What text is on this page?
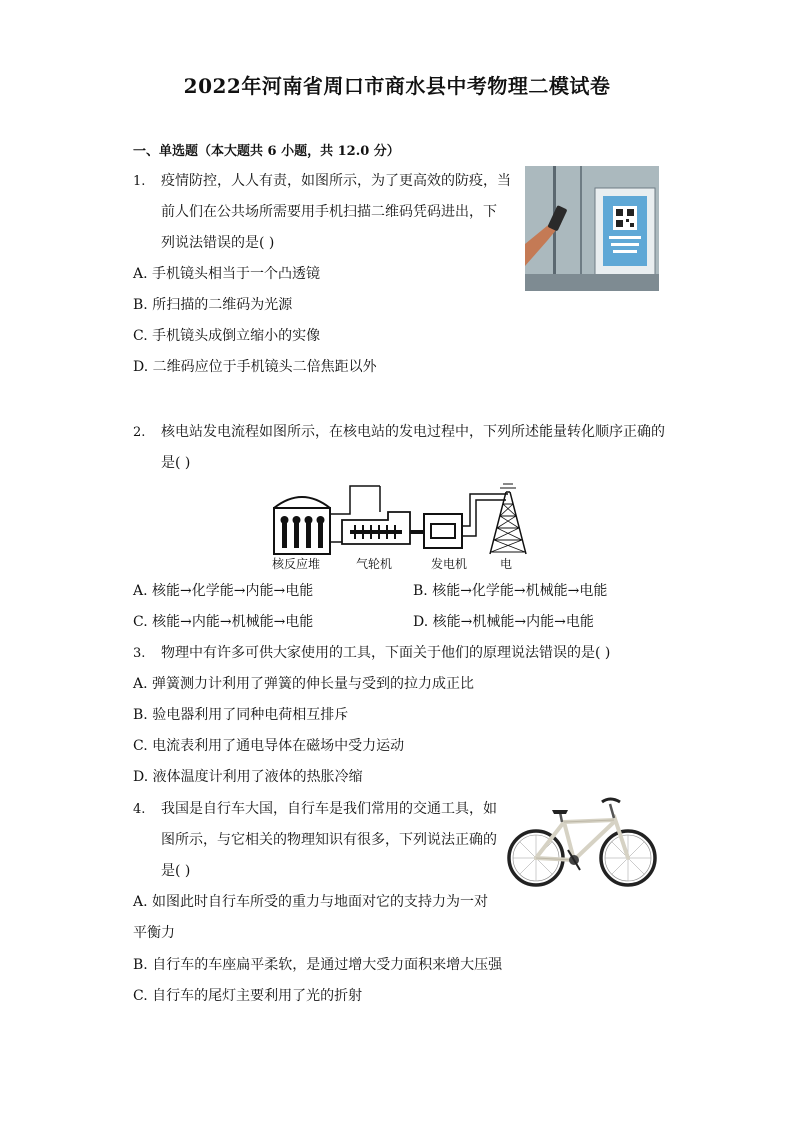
2022年河南省周口市商水县中考物理二模试卷
一、单选题（本大题共 6 小题，共 12.0 分）
1. 疫情防控，人人有责，如图所示，为了更高效的防疫，当
前人们在公共场所需要用手机扫描二维码凭码进出，下
列说法错误的是( )
A. 手机镜头相当于一个凸透镜
B. 所扫描的二维码为光源
C. 手机镜头成倒立缩小的实像
D. 二维码应位于手机镜头二倍焦距以外
2. 核电站发电流程如图所示，在核电站的发电过程中，下列所述能量转化顺序正确的
是( )
核反应堆	气轮机	发电机	电
A. 核能→化学能→内能→电能	B. 核能→化学能→机械能→电能
C. 核能→内能→机械能→电能	D. 核能→机械能→内能→电能
3. 物理中有许多可供大家使用的工具，下面关于他们的原理说法错误的是( )
A. 弹簧测力计利用了弹簧的伸长量与受到的拉力成正比
B. 验电器利用了同种电荷相互排斥
C. 电流表利用了通电导体在磁场中受力运动
D. 液体温度计利用了液体的热胀冷缩
4. 我国是自行车大国，自行车是我们常用的交通工具，如
图所示，与它相关的物理知识有很多，下列说法正确的
是( )
A. 如图此时自行车所受的重力与地面对它的支持力为一对
平衡力
B. 自行车的车座扁平柔软，是通过增大受力面积来增大压强
C. 自行车的尾灯主要利用了光的折射
